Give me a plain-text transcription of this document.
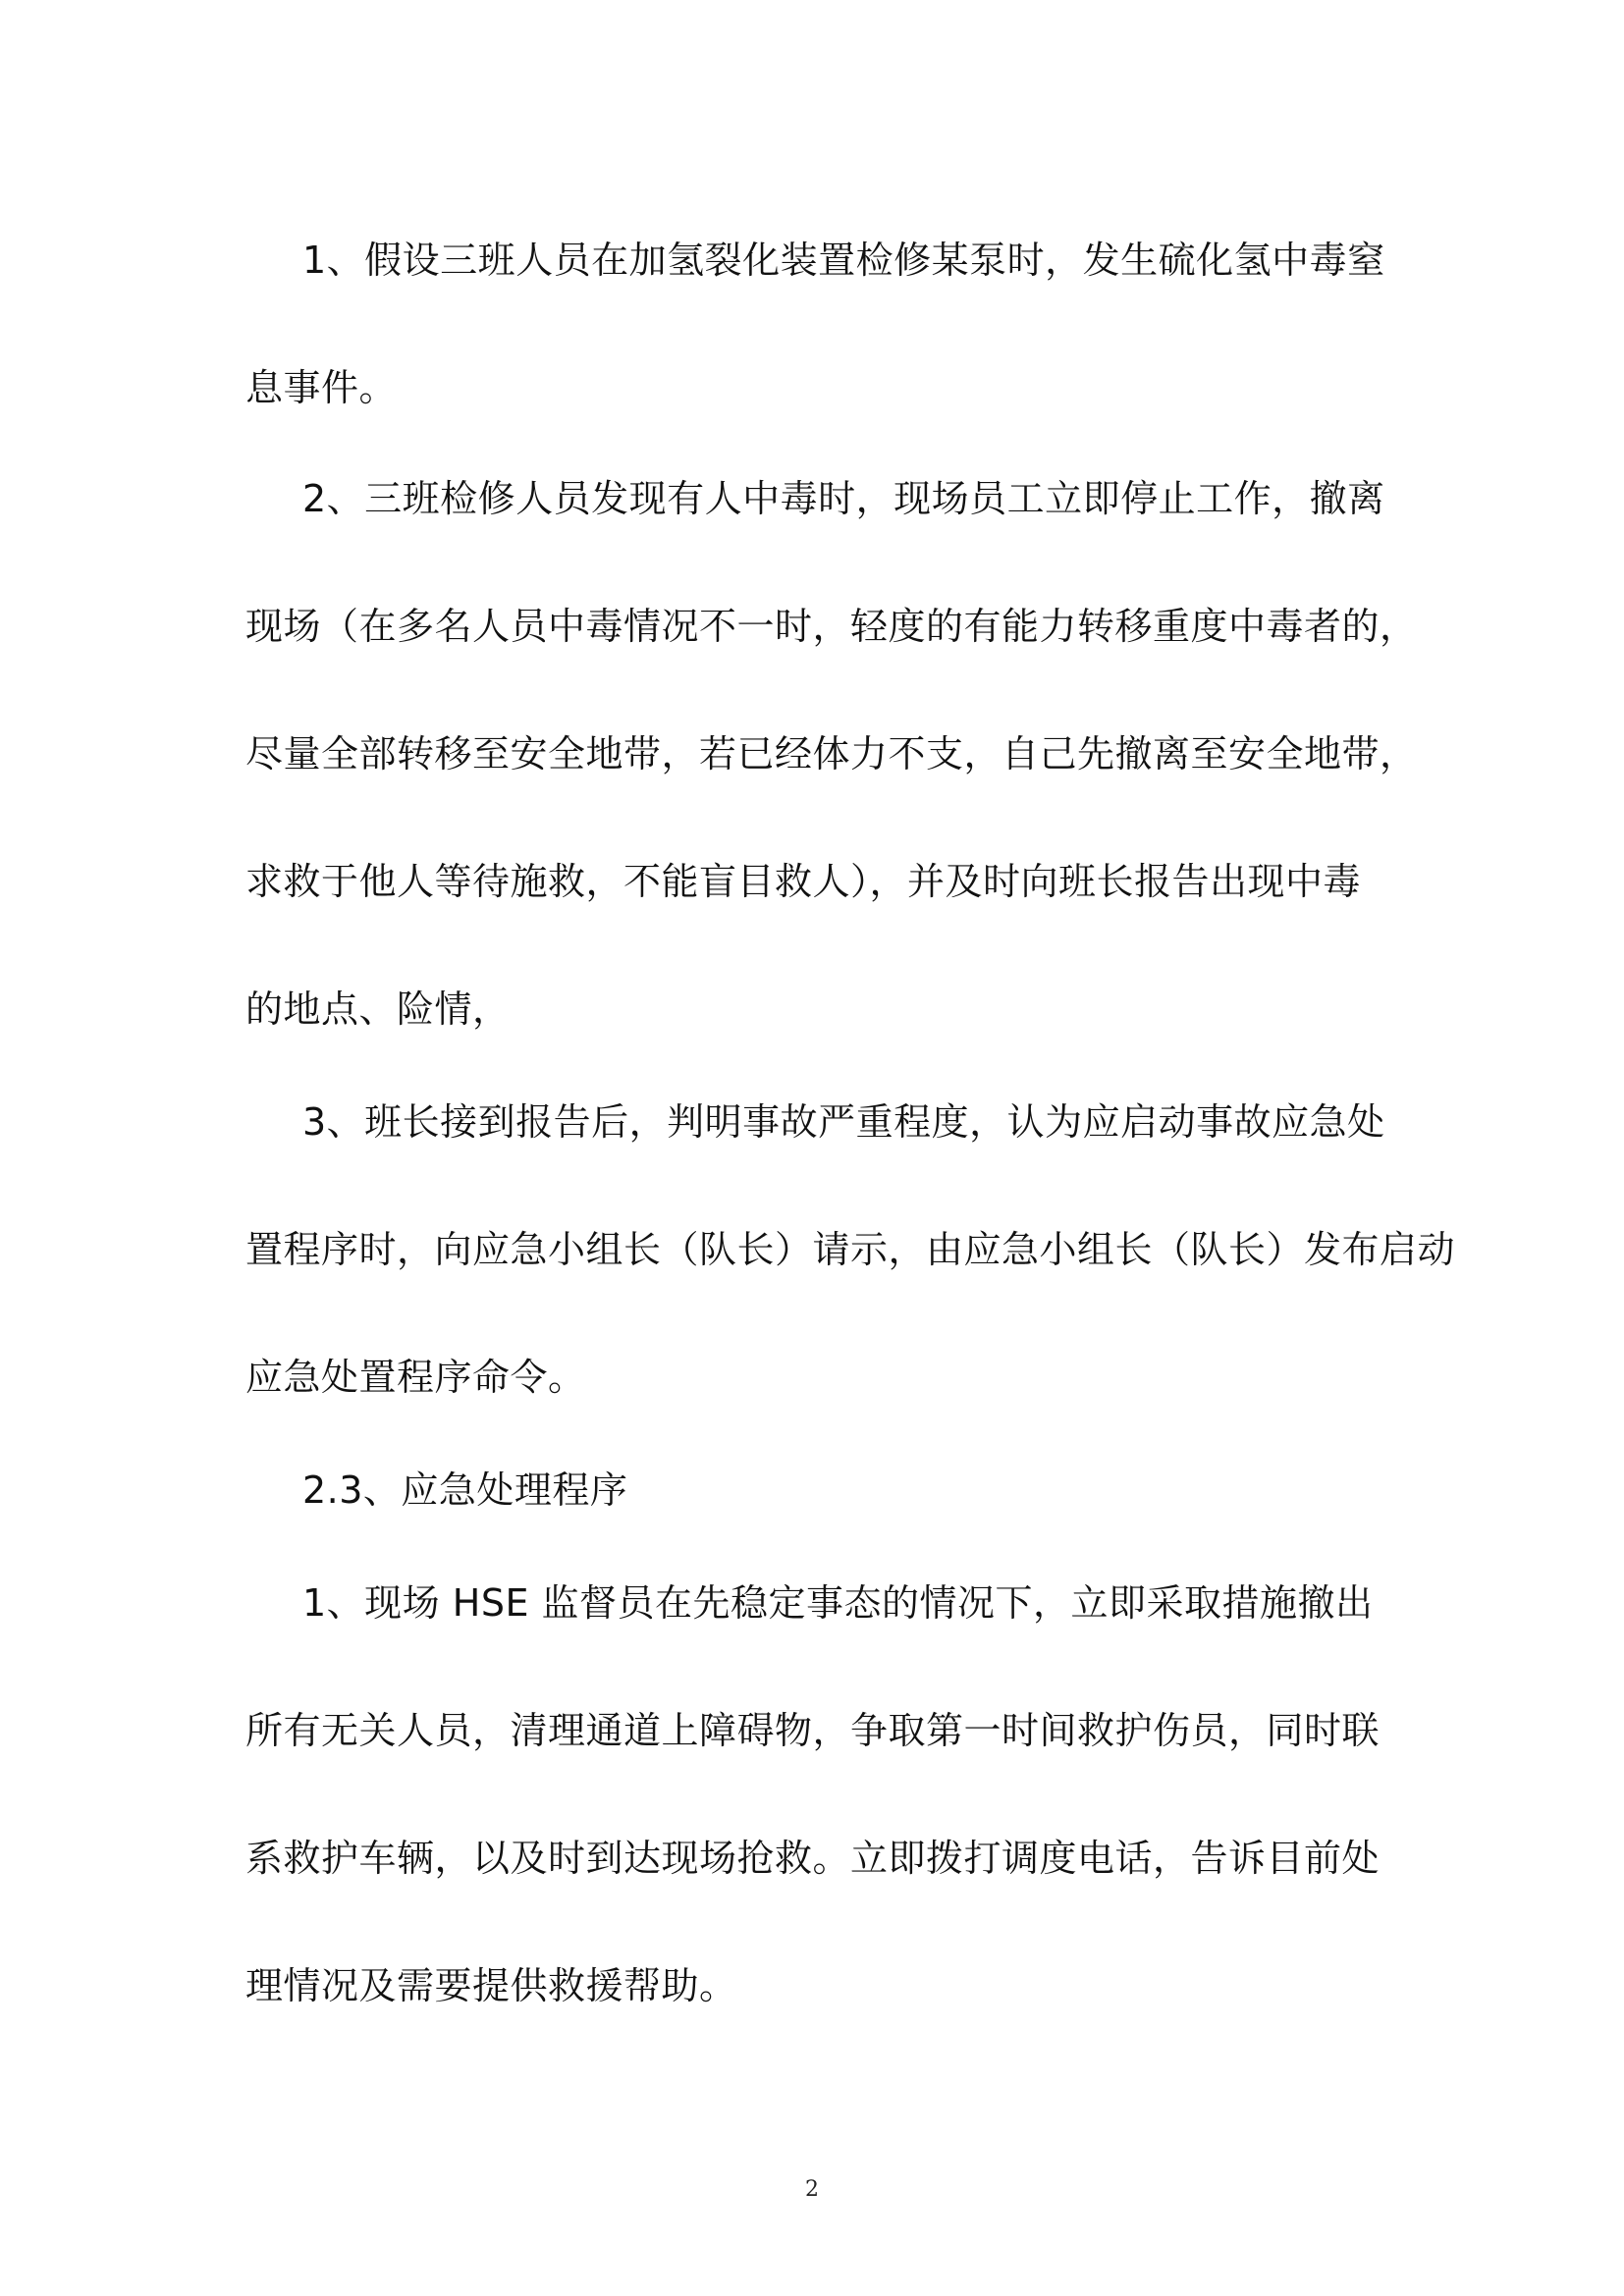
1、假设三班人员在加氢裂化装置检修某泵时，发生硫化氢中毒窒
息事件。
2、三班检修人员发现有人中毒时，现场员工立即停止工作，撤离
现场（在多名人员中毒情况不一时，轻度的有能力转移重度中毒者的，
尽量全部转移至安全地带，若已经体力不支，自己先撤离至安全地带，
求救于他人等待施救，不能盲目救人），并及时向班长报告出现中毒
的地点、险情，
3、班长接到报告后，判明事故严重程度，认为应启动事故应急处
置程序时，向应急小组长（队长）请示，由应急小组长（队长）发布启动
应急处置程序命令。
2.3、应急处理程序
1、现场 HSE 监督员在先稳定事态的情况下，立即采取措施撤出
所有无关人员，清理通道上障碍物，争取第一时间救护伤员，同时联
系救护车辆，以及时到达现场抢救。立即拨打调度电话，告诉目前处
理情况及需要提供救援帮助。
2
